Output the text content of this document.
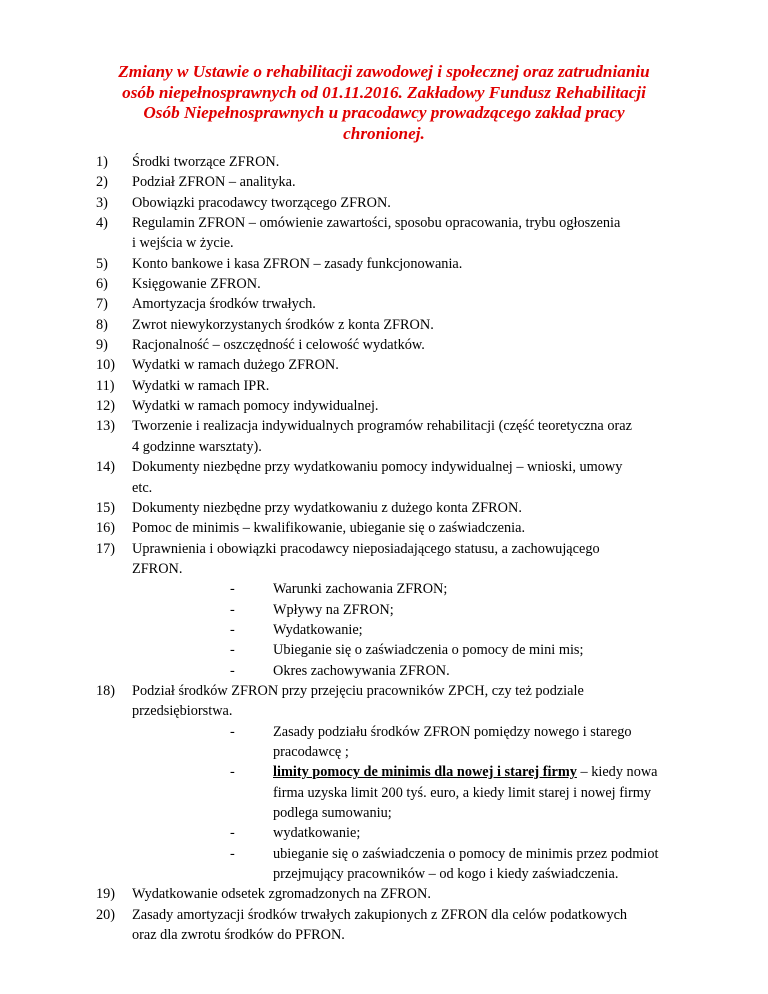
Zmiany w Ustawie o rehabilitacji zawodowej i społecznej oraz zatrudnianiu
osób niepełnosprawnych od 01.11.2016. Zakładowy Fundusz Rehabilitacji
Osób Niepełnosprawnych u pracodawcy prowadzącego zakład pracy
chronionej.
1) Środki tworzące ZFRON.
2) Podział ZFRON – analityka.
3) Obowiązki pracodawcy tworzącego ZFRON.
4) Regulamin ZFRON – omówienie zawartości, sposobu opracowania, trybu ogłoszenia
i wejścia w życie.
5) Konto bankowe i kasa ZFRON – zasady funkcjonowania.
6) Księgowanie ZFRON.
7) Amortyzacja środków trwałych.
8) Zwrot niewykorzystanych środków z konta ZFRON.
9) Racjonalność – oszczędność i celowość wydatków.
10) Wydatki w ramach dużego ZFRON.
11) Wydatki w ramach IPR.
12) Wydatki w ramach pomocy indywidualnej.
13) Tworzenie i realizacja indywidualnych programów rehabilitacji (część teoretyczna oraz
4 godzinne warsztaty).
14) Dokumenty niezbędne przy wydatkowaniu pomocy indywidualnej – wnioski, umowy
etc.
15) Dokumenty niezbędne przy wydatkowaniu z dużego konta ZFRON.
16) Pomoc de minimis – kwalifikowanie, ubieganie się o zaświadczenia.
17) Uprawnienia i obowiązki pracodawcy nieposiadającego statusu, a zachowującego
ZFRON.
-	Warunki zachowania ZFRON;
-	Wpływy na ZFRON;
-	Wydatkowanie;
-	Ubieganie się o zaświadczenia o pomocy de mini mis;
-	Okres zachowywania ZFRON.
18) Podział środków ZFRON przy przejęciu pracowników ZPCH, czy też podziale
przedsiębiorstwa.
-	Zasady podziału środków ZFRON pomiędzy nowego i starego
pracodawcę ;
-	limity pomocy de minimis dla nowej i starej firmy – kiedy nowa
firma uzyska limit 200 tyś. euro, a kiedy limit starej i nowej firmy
podlega sumowaniu;
-	wydatkowanie;
-	ubieganie się o zaświadczenia o pomocy de minimis przez podmiot
przejmujący pracowników – od kogo i kiedy zaświadczenia.
19) Wydatkowanie odsetek zgromadzonych na ZFRON.
20) Zasady amortyzacji środków trwałych zakupionych z ZFRON dla celów podatkowych
oraz dla zwrotu środków do PFRON.
